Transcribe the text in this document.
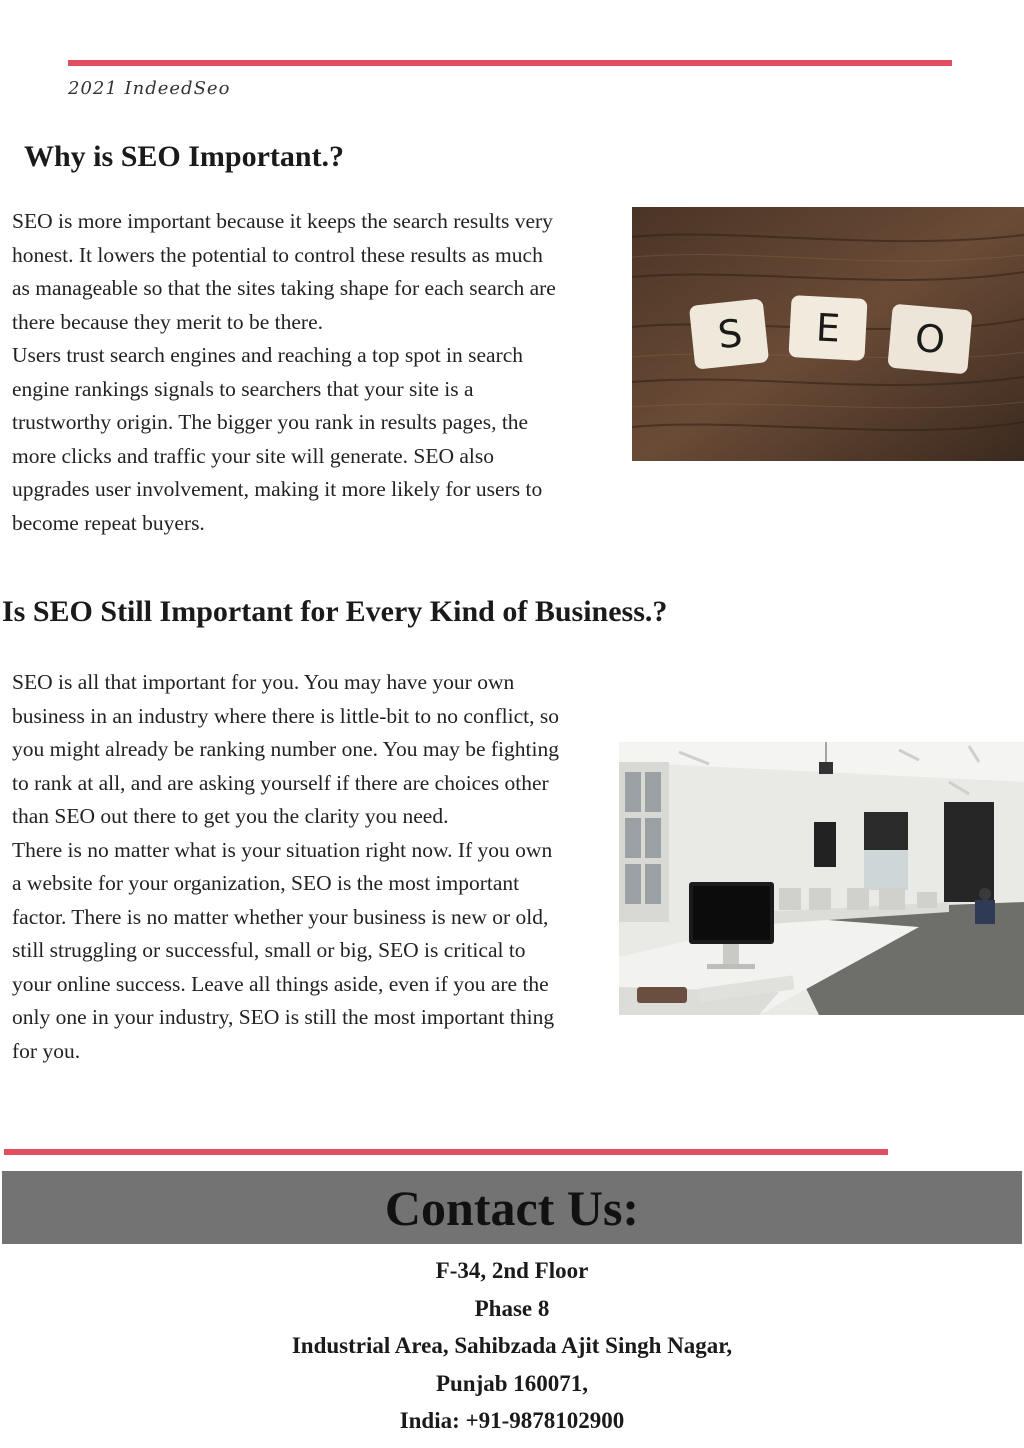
2021 IndeedSeo
Why is SEO Important.?

SEO is more important because it keeps the search results very honest. It lowers the potential to control these results as much as manageable so that the sites taking shape for each search are there because they merit to be there.

Users trust search engines and reaching a top spot in search engine rankings signals to searchers that your site is a trustworthy origin. The bigger you rank in results pages, the more clicks and traffic your site will generate. SEO also upgrades user involvement, making it more likely for users to become repeat buyers.

S E O
Is SEO Still Important for Every Kind of Business.?

SEO is all that important for you. You may have your own business in an industry where there is little-bit to no conflict, so you might already be ranking number one. You may be fighting to rank at all, and are asking yourself if there are choices other than SEO out there to get you the clarity you need.

There is no matter what is your situation right now. If you own a website for your organization, SEO is the most important factor. There is no matter whether your business is new or old, still struggling or successful, small or big, SEO is critical to your online success. Leave all things aside, even if you are the only one in your industry, SEO is still the most important thing for you.

Contact Us:
F-34, 2nd Floor
Phase 8
Industrial Area, Sahibzada Ajit Singh Nagar,
Punjab 160071,
India: +91-9878102900
